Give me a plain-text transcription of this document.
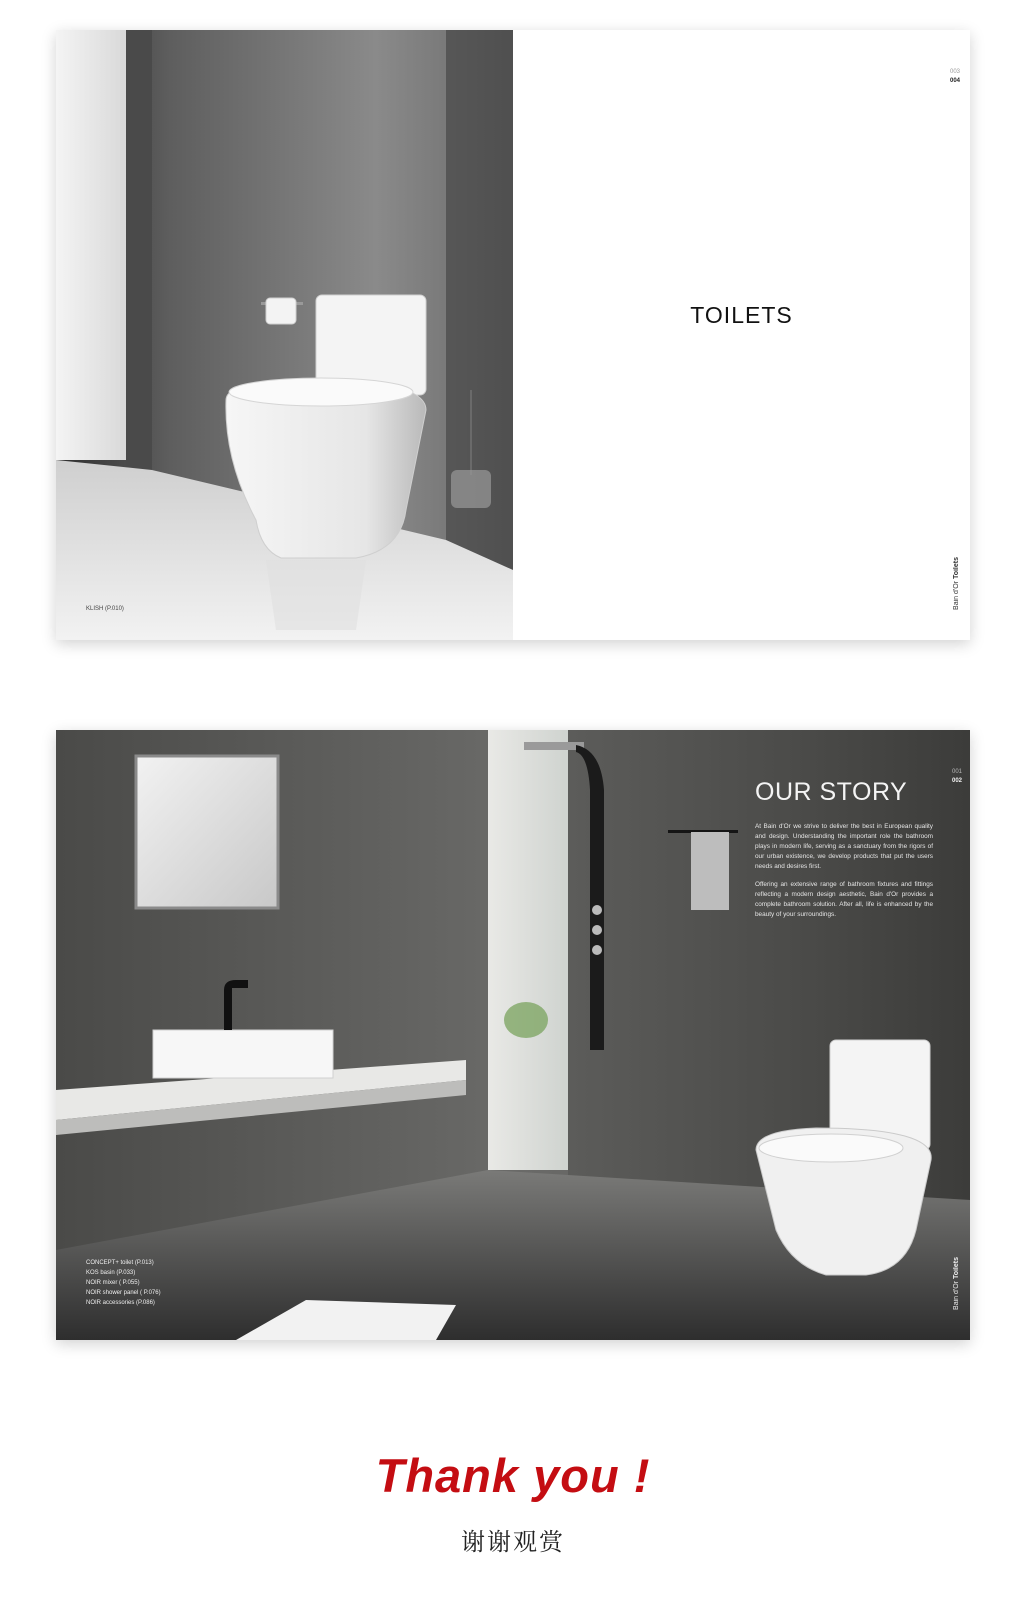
KLISH (P.010)
003
004
TOILETS
Bain d'Or Toilets
001
002
OUR STORY

At Bain d'Or we strive to deliver the best in European quality and design. Understanding the important role the bathroom plays in modern life, serving as a sanctuary from the rigors of our urban existence, we develop products that put the users needs and desires first.

Offering an extensive range of bathroom fixtures and fittings reflecting a modern design aesthetic, Bain d'Or provides a complete bathroom solution. After all, life is enhanced by the beauty of your surroundings.

CONCEPT+ toilet (P.013)
KOS basin (P.033)
NOIR mixer ( P.055)
NOIR shower panel ( P.076)
NOIR accessories (P.086)	Bain d'Or Toilets
Thank you !
谢谢观赏
